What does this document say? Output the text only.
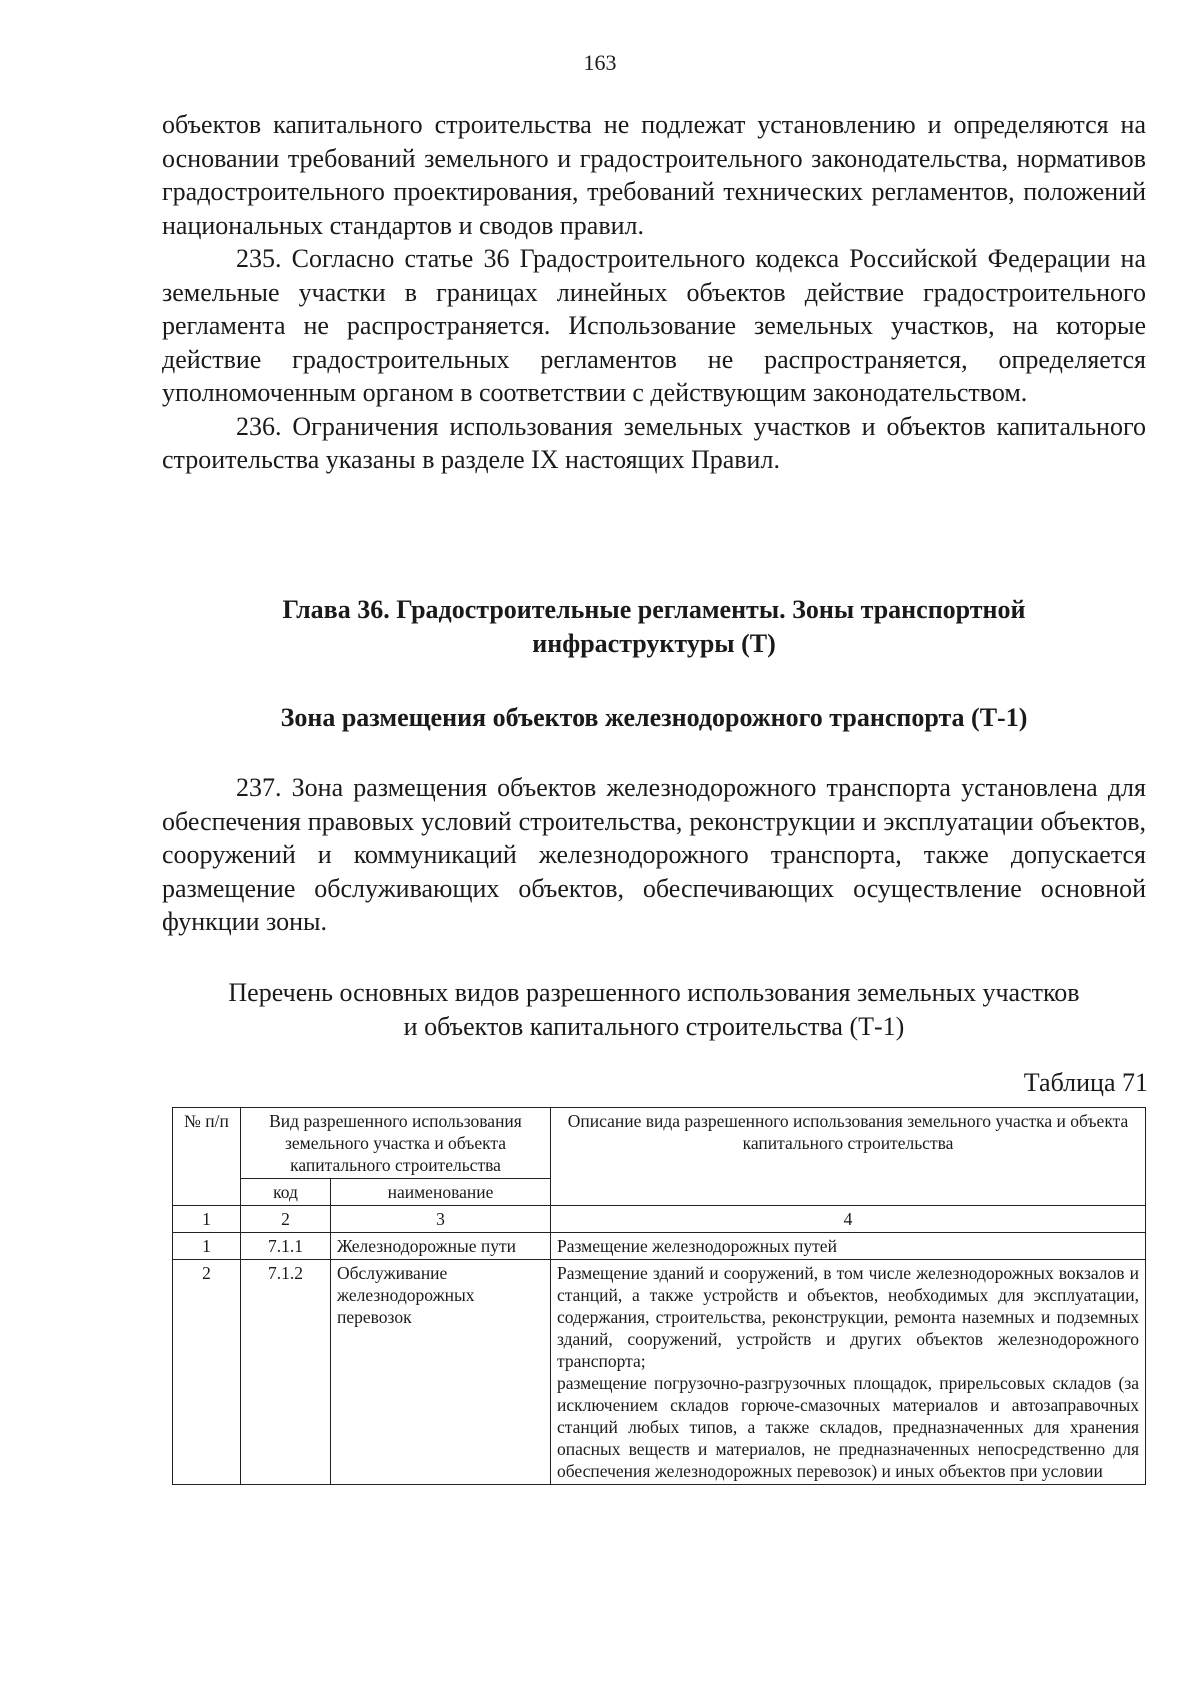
163

объектов капитального строительства не подлежат установлению и определяются на основании требований земельного и градостроительного законодательства, нормативов градостроительного проектирования, требований технических регламентов, положений национальных стандартов и сводов правил.

235. Согласно статье 36 Градостроительного кодекса Российской Федерации на земельные участки в границах линейных объектов действие градостроительного регламента не распространяется. Использование земельных участков, на которые действие градостроительных регламентов не распространяется, определяется уполномоченным органом в соответствии с действующим законодательством.

236. Ограничения использования земельных участков и объектов капитального строительства указаны в разделе IX настоящих Правил.

Глава 36. Градостроительные регламенты. Зоны транспортной
инфраструктуры (Т)
Зона размещения объектов железнодорожного транспорта (Т-1)

237. Зона размещения объектов железнодорожного транспорта установлена для обеспечения правовых условий строительства, реконструкции и эксплуатации объектов, сооружений и коммуникаций железнодорожного транспорта, также допускается размещение обслуживающих объектов, обеспечивающих осуществление основной функции зоны.

Перечень основных видов разрешенного использования земельных участков
и объектов капитального строительства (Т-1)

Таблица 71
№ п/п	Вид разрешенного использования земельного участка и объекта капитального строительства		Описание вида разрешенного использования земельного участка и объекта капитального строительства
	код	наименование	
1	2	3	4
1	7.1.1	Железнодорожные пути	Размещение железнодорожных путей

2	7.1.2	Обслуживание железнодорожных перевозок	Размещение зданий и сооружений, в том числе железнодорожных вокзалов и станций, а также устройств и объектов, необходимых для эксплуатации, содержания, строительства, реконструкции, ремонта наземных и подземных зданий, сооружений, устройств и других объектов железнодорожного транспорта;

размещение погрузочно-разгрузочных площадок, прирельсовых складов (за исключением складов горюче-смазочных материалов и автозаправочных станций любых типов, а также складов, предназначенных для хранения опасных веществ и материалов, не предназначенных непосредственно для обеспечения железнодорожных перевозок) и иных объектов при условии
